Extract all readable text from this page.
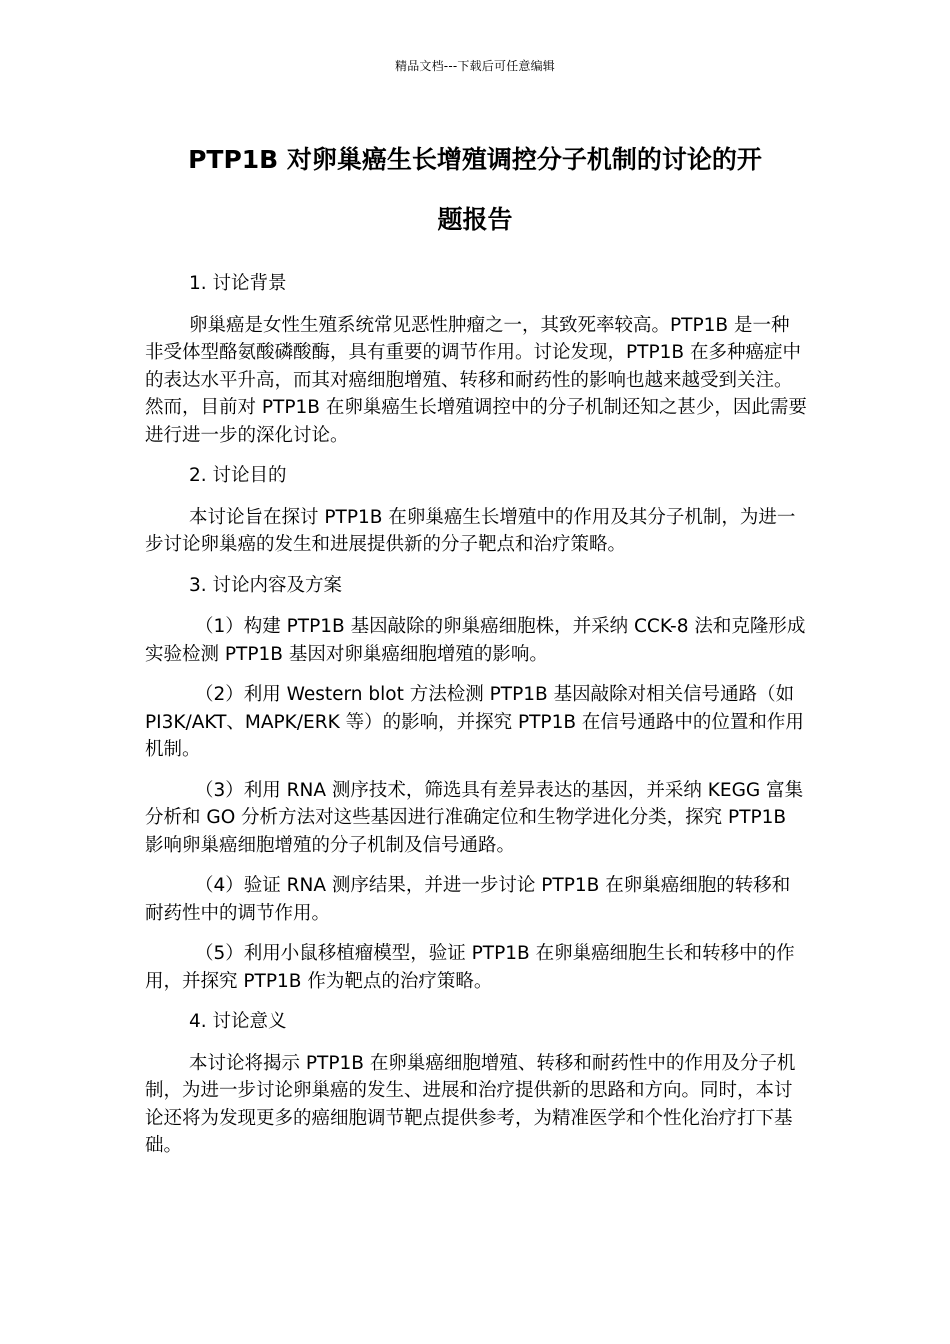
精品文档---下载后可任意编辑
PTP1B 对卵巢癌生长增殖调控分子机制的讨论的开
题报告
1. 讨论背景
卵巢癌是女性生殖系统常见恶性肿瘤之一，其致死率较高。PTP1B 是一种非受体型酪氨酸磷酸酶，具有重要的调节作用。讨论发现，PTP1B 在多种癌症中的表达水平升高，而其对癌细胞增殖、转移和耐药性的影响也越来越受到关注。然而，目前对 PTP1B 在卵巢癌生长增殖调控中的分子机制还知之甚少，因此需要进行进一步的深化讨论。
2. 讨论目的
本讨论旨在探讨 PTP1B 在卵巢癌生长增殖中的作用及其分子机制，为进一步讨论卵巢癌的发生和进展提供新的分子靶点和治疗策略。
3. 讨论内容及方案
（1）构建 PTP1B 基因敲除的卵巢癌细胞株，并采纳 CCK-8 法和克隆形成实验检测 PTP1B 基因对卵巢癌细胞增殖的影响。
（2）利用 Western blot 方法检测 PTP1B 基因敲除对相关信号通路（如 PI3K/AKT、MAPK/ERK 等）的影响，并探究 PTP1B 在信号通路中的位置和作用机制。
（3）利用 RNA 测序技术，筛选具有差异表达的基因，并采纳 KEGG 富集分析和 GO 分析方法对这些基因进行准确定位和生物学进化分类，探究 PTP1B 影响卵巢癌细胞增殖的分子机制及信号通路。
（4）验证 RNA 测序结果，并进一步讨论 PTP1B 在卵巢癌细胞的转移和耐药性中的调节作用。
（5）利用小鼠移植瘤模型，验证 PTP1B 在卵巢癌细胞生长和转移中的作用，并探究 PTP1B 作为靶点的治疗策略。
4. 讨论意义
本讨论将揭示 PTP1B 在卵巢癌细胞增殖、转移和耐药性中的作用及分子机制，为进一步讨论卵巢癌的发生、进展和治疗提供新的思路和方向。同时，本讨论还将为发现更多的癌细胞调节靶点提供参考，为精准医学和个性化治疗打下基础。
